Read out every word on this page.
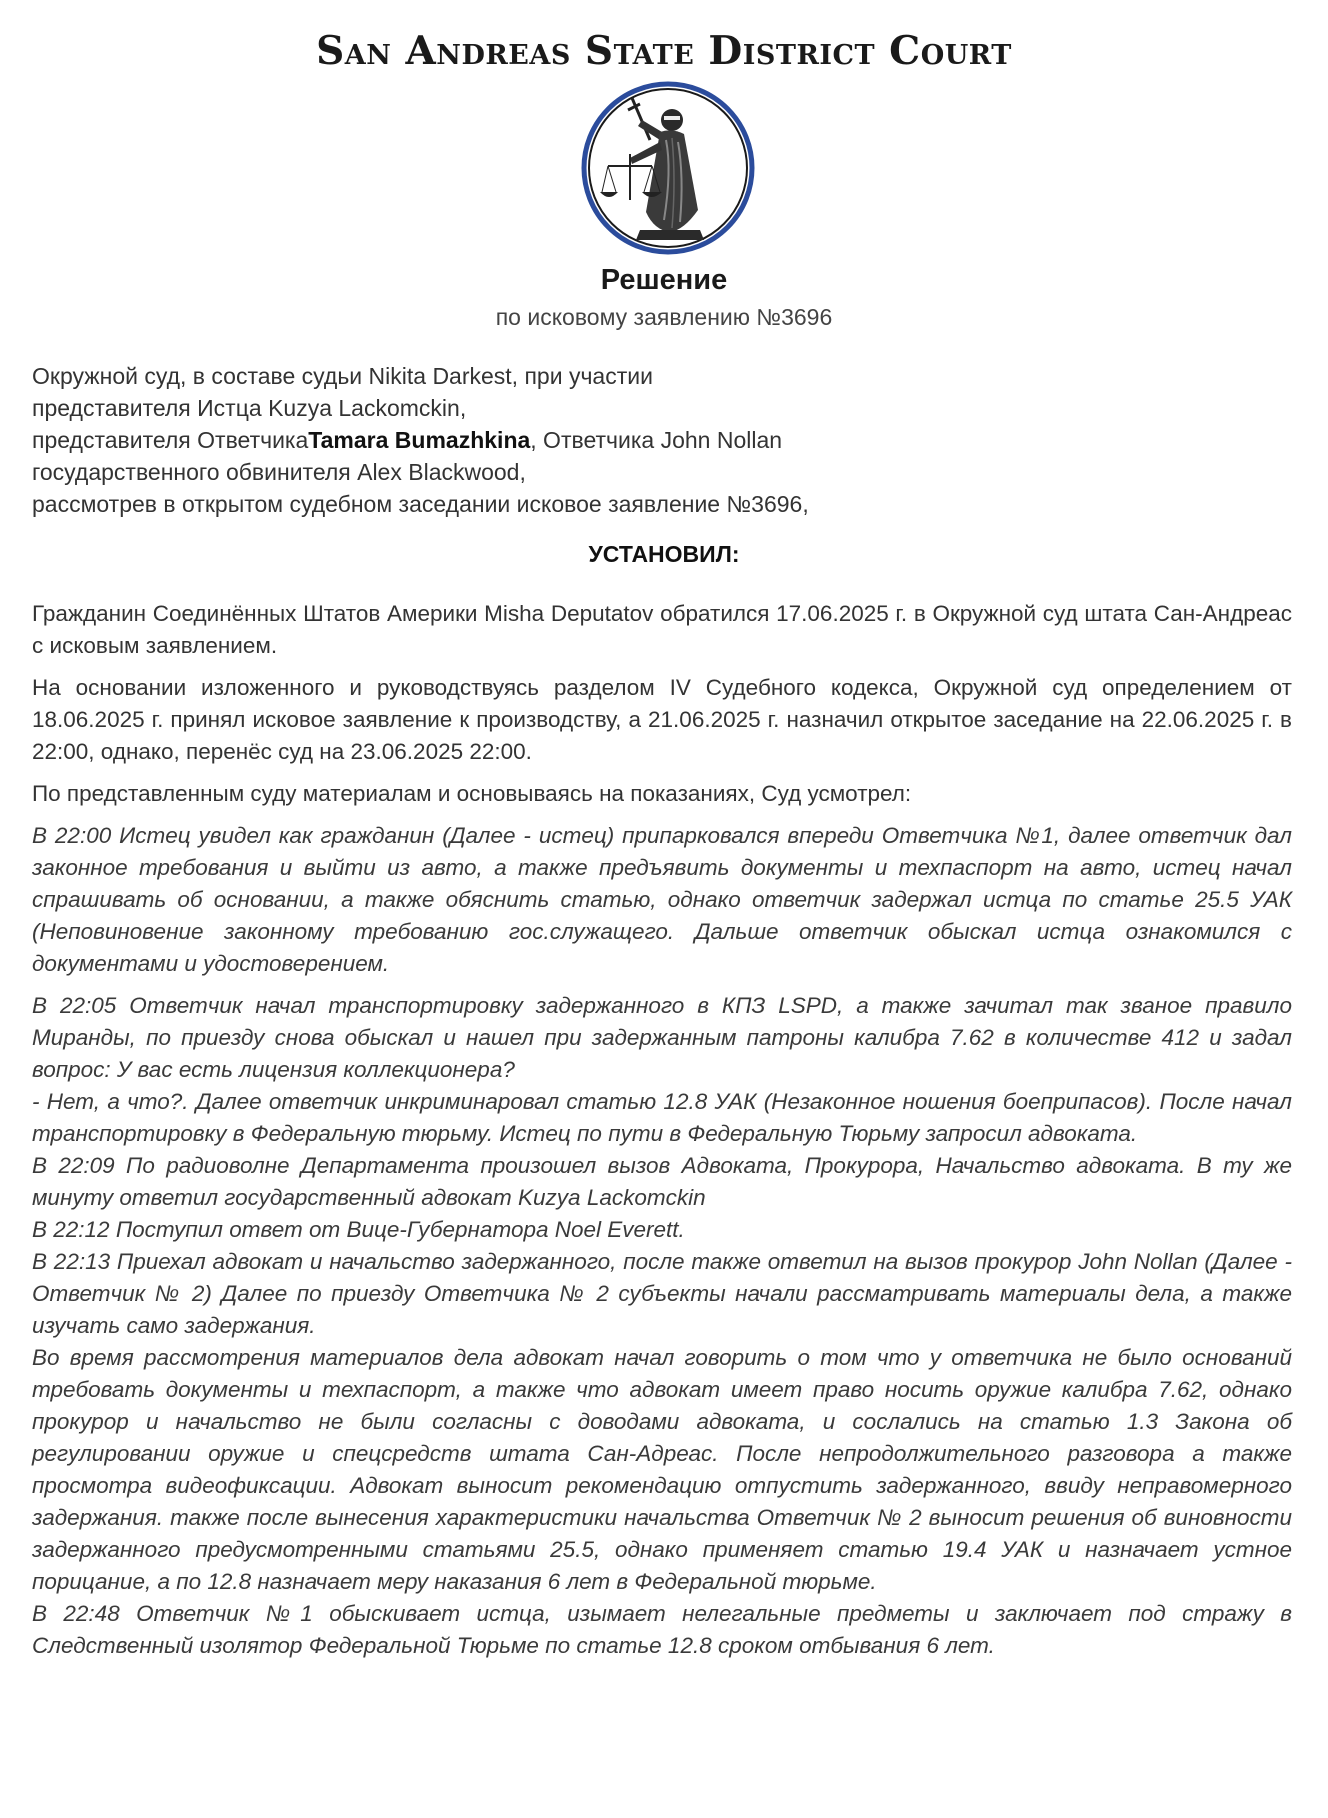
San Andreas State District Court
Решение
по исковому заявлению №3696
Окружной суд, в составе судьи Nikita Darkest, при участии
представителя Истца Kuzya Lackomckin,
представителя ОтветчикаTamara Bumazhkina, Ответчика John Nollan
государственного обвинителя Alex Blackwood,
рассмотрев в открытом судебном заседании исковое заявление №3696,
УСТАНОВИЛ:

Гражданин Соединённых Штатов Америки Misha Deputatov обратился 17.06.2025 г. в Окружной суд штата Сан-Андреас с исковым заявлением.

На основании изложенного и руководствуясь разделом IV Судебного кодекса, Окружной суд определением от 18.06.2025 г. принял исковое заявление к производству, а 21.06.2025 г. назначил открытое заседание на 22.06.2025 г. в 22:00, однако, перенёс суд на 23.06.2025 22:00.

По представленным суду материалам и основываясь на показаниях, Суд усмотрел:

В 22:00 Истец увидел как гражданин (Далее - истец) припарковался впереди Ответчика №1, далее ответчик дал законное требования и выйти из авто, а также предъявить документы и техпаспорт на авто, истец начал спрашивать об основании, а также обяснить статью, однако ответчик задержал истца по статье 25.5 УАК (Неповиновение законному требованию гос.служащего. Дальше ответчик обыскал истца ознакомился с документами и удостоверением.

В 22:05 Ответчик начал транспортировку задержанного в КПЗ LSPD, а также зачитал так званое правило Миранды, по приезду снова обыскал и нашел при задержанным патроны калибра 7.62 в количестве 412 и задал вопрос: У вас есть лицензия коллекционера?

- Нет, а что?. Далее ответчик инкриминаровал статью 12.8 УАК (Незаконное ношения боеприпасов). После начал транспортировку в Федеральную тюрьму. Истец по пути в Федеральную Тюрьму запросил адвоката.

В 22:09 По радиоволне Департамента произошел вызов Адвоката, Прокурора, Начальство адвоката. В ту же минуту ответил государственный адвокат Kuzya Lackomckin

В 22:12 Поступил ответ от Вице-Губернатора Noel Everett.

В 22:13 Приехал адвокат и начальство задержанного, после также ответил на вызов прокурор John Nollan (Далее - Ответчик № 2) Далее по приезду Ответчика № 2 субъекты начали рассматривать материалы дела, а также изучать само задержания.

Во время рассмотрения материалов дела адвокат начал говорить о том что у ответчика не было оснований требовать документы и техпаспорт, а также что адвокат имеет право носить оружие калибра 7.62, однако прокурор и начальство не были согласны с доводами адвоката, и сослались на статью 1.3 Закона об регулировании оружие и спецсредств штата Сан-Адреас. После непродолжительного разговора а также просмотра видеофиксации. Адвокат выносит рекомендацию отпустить задержанного, ввиду неправомерного задержания. также после вынесения характеристики начальства Ответчик № 2 выносит решения об виновности задержанного предусмотренными статьями 25.5, однако применяет статью 19.4 УАК и назначает устное порицание, а по 12.8 назначает меру наказания 6 лет в Федеральной тюрьме.

В 22:48 Ответчик №1 обыскивает истца, изымает нелегальные предметы и заключает под стражу в Следственный изолятор Федеральной Тюрьме по статье 12.8 сроком отбывания 6 лет.
